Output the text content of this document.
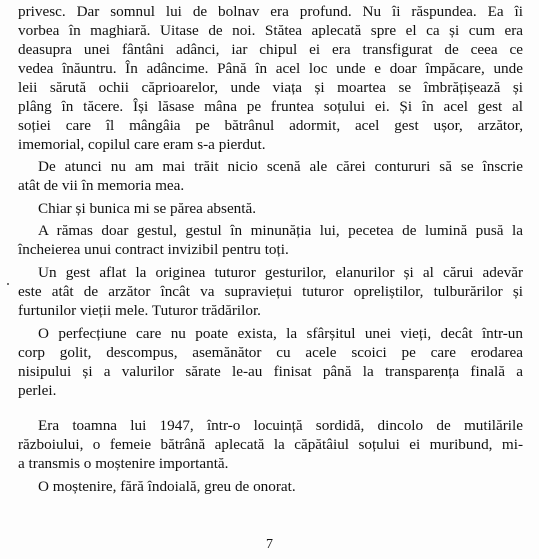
privesc. Dar somnul lui de bolnav era profund. Nu îi răspundea. Ea îi
vorbea în maghiară. Uitase de noi. Stătea aplecată spre el ca și cum era
deasupra unei fântâni adânci, iar chipul ei era transfigurat de ceea ce
vedea înăuntru. În adâncime. Până în acel loc unde e doar împăcare, unde
leii sărută ochii căprioarelor, unde viața și moartea se îmbrățișează și
plâng în tăcere. Își lăsase mâna pe fruntea soțului ei. Și în acel gest al
soției care îl mângâia pe bătrânul adormit, acel gest ușor, arzător,
imemorial, copilul care eram s-a pierdut.
De atunci nu am mai trăit nicio scenă ale cărei contururi să se înscrie
atât de vii în memoria mea.
Chiar și bunica mi se părea absentă.
A rămas doar gestul, gestul în minunăția lui, pecetea de lumină pusă la
încheierea unui contract invizibil pentru toți.
Un gest aflat la originea tuturor gesturilor, elanurilor și al cărui adevăr
este atât de arzător încât va supraviețui tuturor opreliștilor, tulburărilor și
furtunilor vieții mele. Tuturor trădărilor.
O perfecțiune care nu poate exista, la sfârșitul unei vieți, decât într-un
corp golit, descompus, asemănător cu acele scoici pe care erodarea
nisipului și a valurilor sărate le-au finisat până la transparența finală a
perlei.
Era toamna lui 1947, într-o locuință sordidă, dincolo de mutilările
războiului, o femeie bătrână aplecată la căpătâiul soțului ei muribund, mi-
a transmis o moștenire importantă.
O moștenire, fără îndoială, greu de onorat.
7
